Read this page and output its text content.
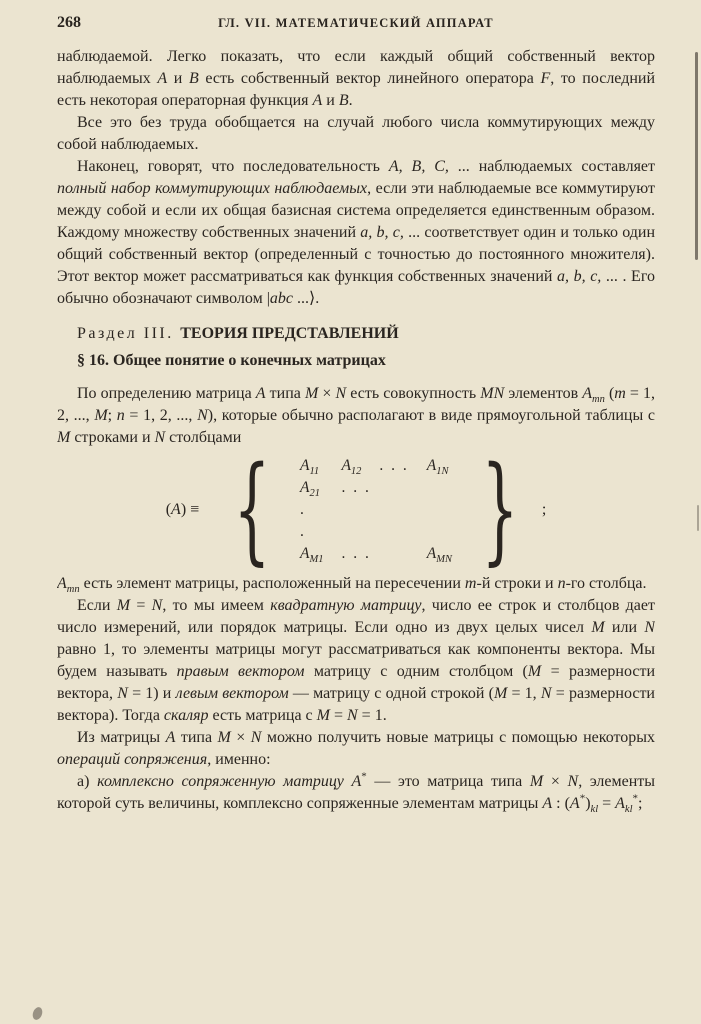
268	ГЛ. VII. МАТЕМАТИЧЕСКИЙ АППАРАТ

наблюдаемой. Легко показать, что если каждый общий собственный вектор наблюдаемых A и B есть собственный вектор линейного оператора F, то последний есть некоторая операторная функция A и B.

Все это без труда обобщается на случай любого числа коммутирующих между собой наблюдаемых.

Наконец, говорят, что последовательность A, B, C, ... наблюдаемых составляет полный набор коммутирующих наблюдаемых, если эти наблюдаемые все коммутируют между собой и если их общая базисная система определяется единственным образом. Каждому множеству собственных значений a, b, c, ... соответствует один и только один общий собственный вектор (определенный с точностью до постоянного множителя). Этот вектор может рассматриваться как функция собственных значений a, b, c, ... . Его обычно обозначают символом |abc ...⟩.

Раздел III. ТЕОРИЯ ПРЕДСТАВЛЕНИЙ

§ 16. Общее понятие о конечных матрицах

По определению матрица A типа M × N есть совокупность MN элементов $A_{mn}$ (m = 1, 2, ..., M; n = 1, 2, ..., N), которые обычно располагают в виде прямоугольной таблицы с M строками и N столбцами

(A) ≡ { $A_{11}$	$A_{12}$	. . .	$A_{1N}$
$A_{21}$	. . .		
.			
.			
$A_{M1}$	. . .		$A_{MN}$ } ;

$A_{mn}$ есть элемент матрицы, расположенный на пересечении m-й строки и n-го столбца.

Если M = N, то мы имеем квадратную матрицу, число ее строк и столбцов дает число измерений, или порядок матрицы. Если одно из двух целых чисел M или N равно 1, то элементы матрицы могут рассматриваться как компоненты вектора. Мы будем называть правым вектором матрицу с одним столбцом (M = размерности вектора, N = 1) и левым вектором — матрицу с одной строкой (M = 1, N = размерности вектора). Тогда скаляр есть матрица с M = N = 1.

Из матрицы A типа M × N можно получить новые матрицы с помощью некоторых операций сопряжения, именно:

а) комплексно сопряженную матрицу A* — это матрица типа M × N, элементы которой суть величины, комплексно сопряженные элементам матрицы A : $(A^*)_{kl} = A_{kl}^*$;
